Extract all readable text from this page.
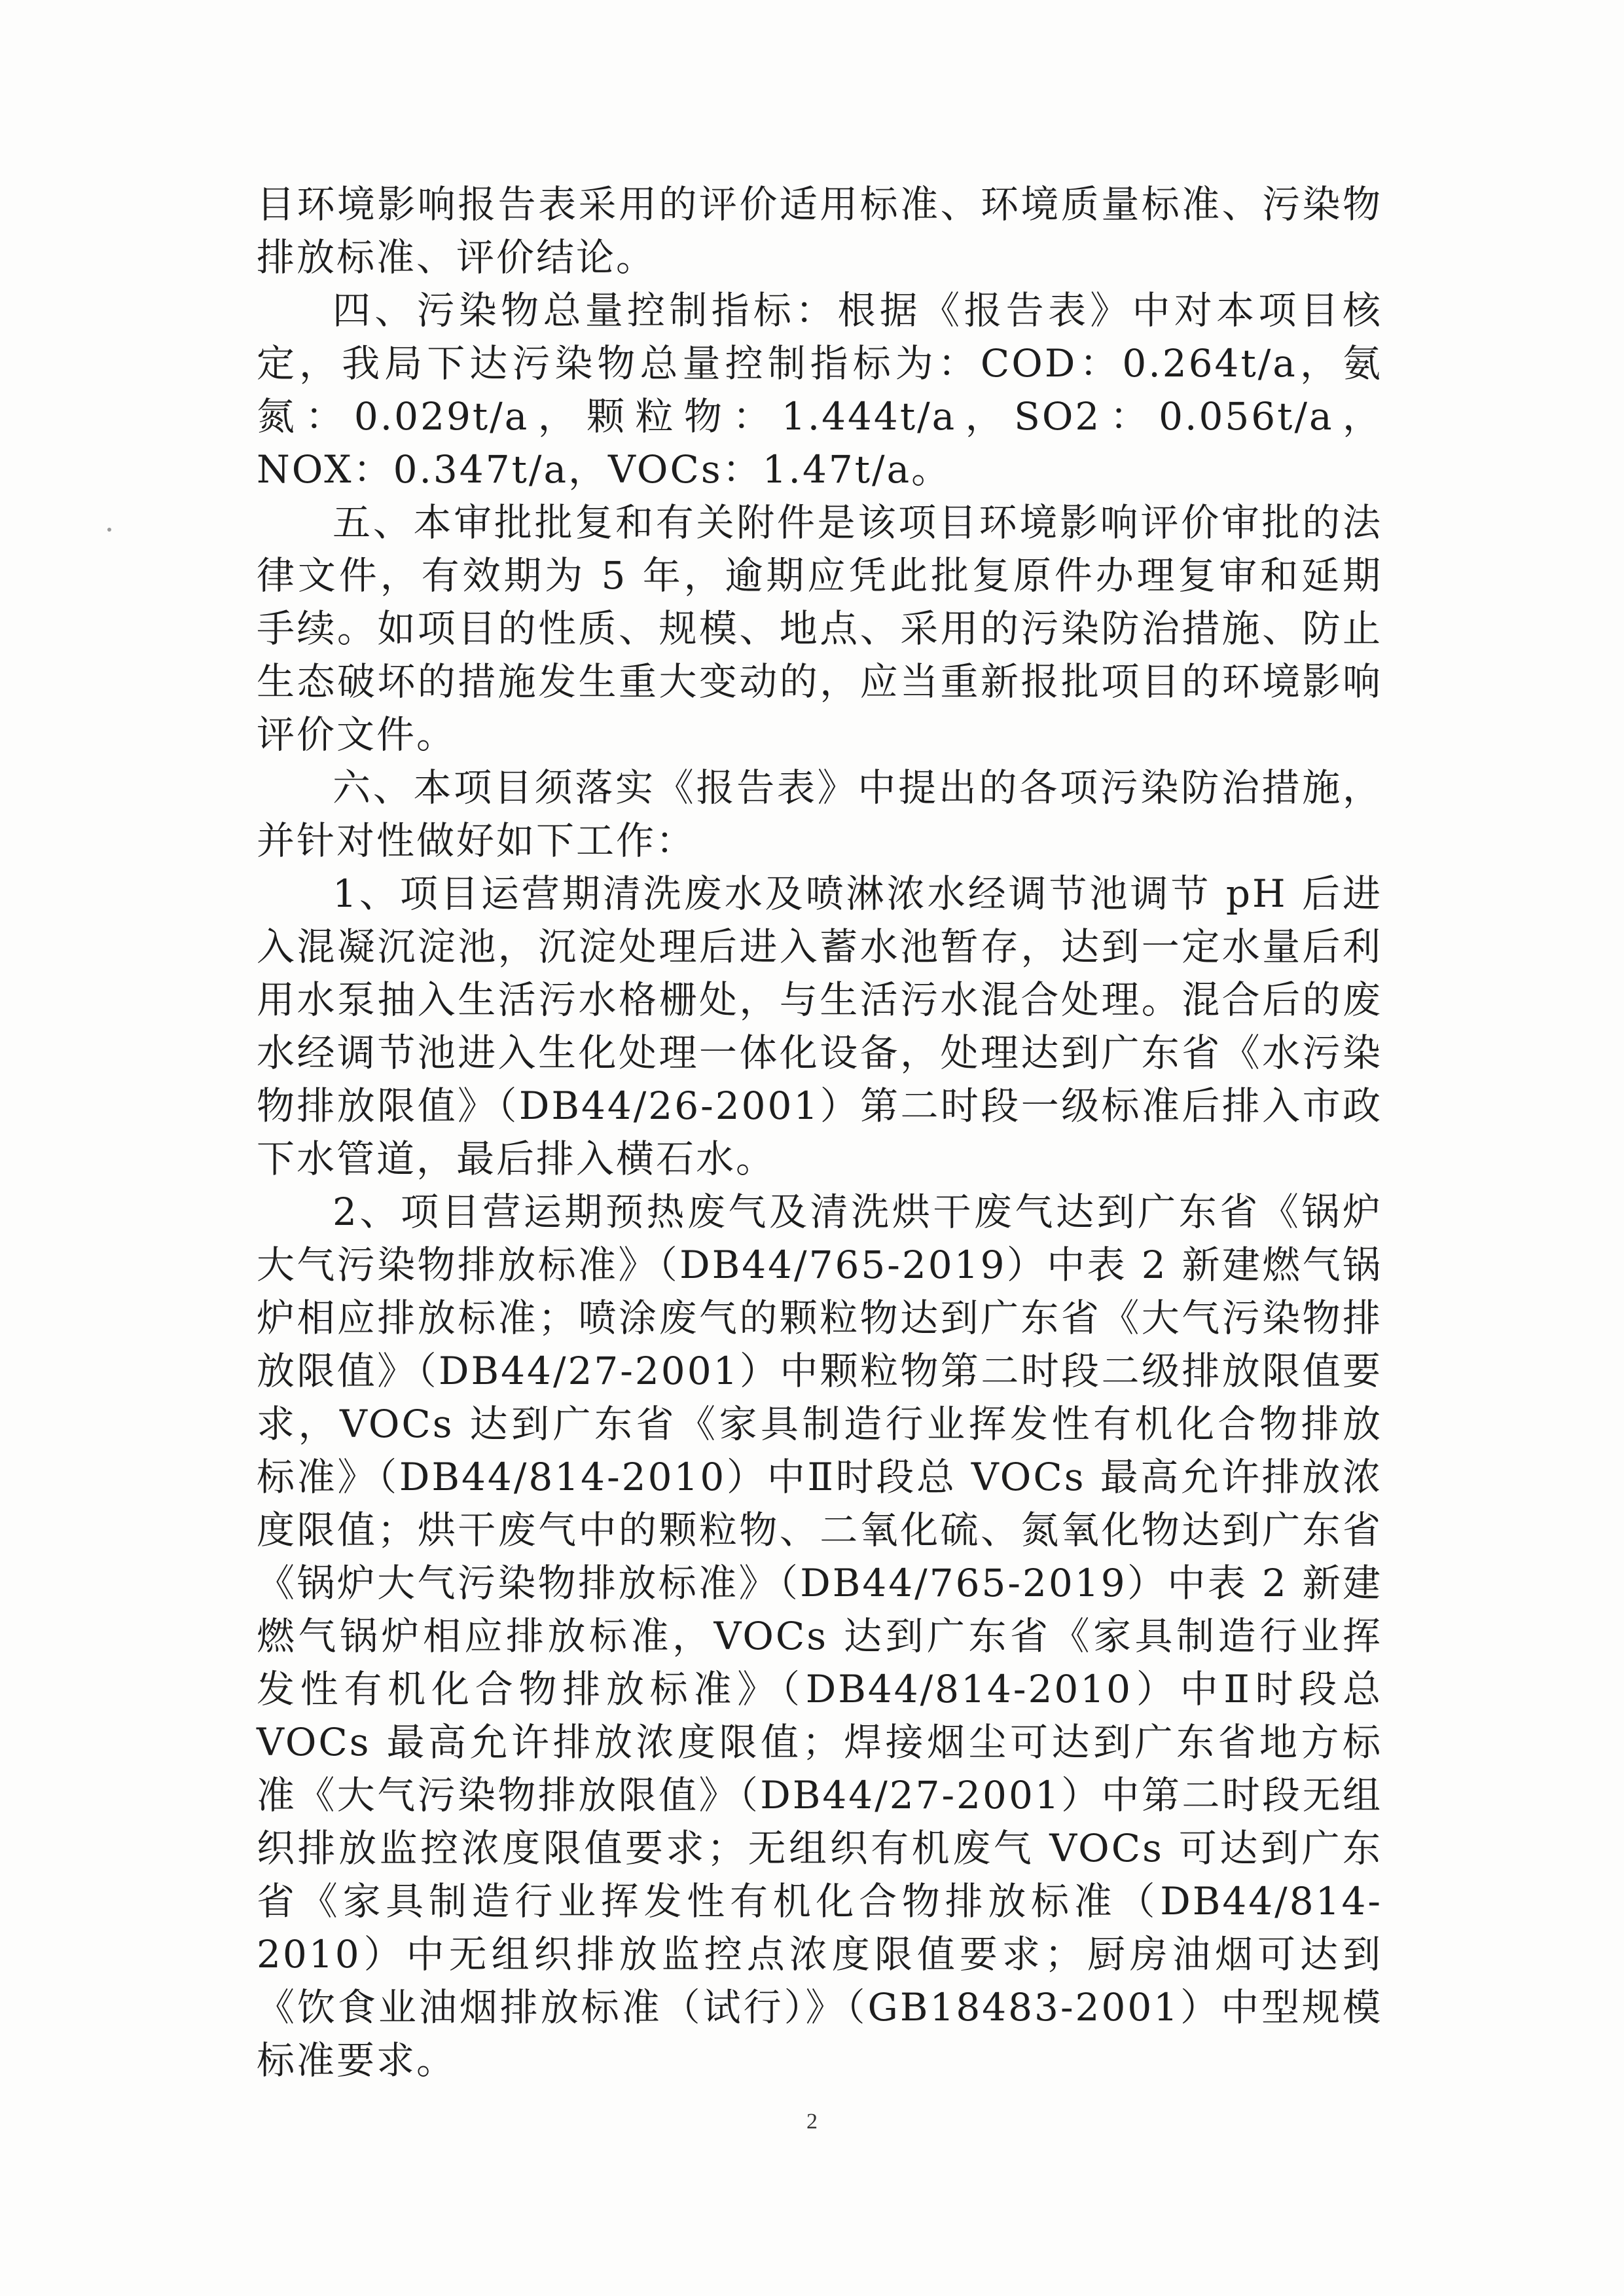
目环境影响报告表采用的评价适用标准、环境质量标准、污染物排放标准、评价结论。

四、污染物总量控制指标：根据《报告表》中对本项目核定，我局下达污染物总量控制指标为：COD：0.264t/a，氨氮：0.029t/a，颗粒物：1.444t/a，SO2：0.056t/a，NOX：0.347t/a，VOCs：1.47t/a。

五、本审批批复和有关附件是该项目环境影响评价审批的法律文件，有效期为 5 年，逾期应凭此批复原件办理复审和延期手续。如项目的性质、规模、地点、采用的污染防治措施、防止生态破坏的措施发生重大变动的，应当重新报批项目的环境影响评价文件。

六、本项目须落实《报告表》中提出的各项污染防治措施，并针对性做好如下工作：

1、项目运营期清洗废水及喷淋浓水经调节池调节 pH 后进入混凝沉淀池，沉淀处理后进入蓄水池暂存，达到一定水量后利用水泵抽入生活污水格栅处，与生活污水混合处理。混合后的废水经调节池进入生化处理一体化设备，处理达到广东省《水污染物排放限值》（DB44/26-2001）第二时段一级标准后排入市政下水管道，最后排入横石水。

2、项目营运期预热废气及清洗烘干废气达到广东省《锅炉大气污染物排放标准》（DB44/765-2019）中表 2 新建燃气锅炉相应排放标准；喷涂废气的颗粒物达到广东省《大气污染物排放限值》（DB44/27-2001）中颗粒物第二时段二级排放限值要求，VOCs 达到广东省《家具制造行业挥发性有机化合物排放标准》（DB44/814-2010）中Ⅱ时段总 VOCs 最高允许排放浓度限值；烘干废气中的颗粒物、二氧化硫、氮氧化物达到广东省《锅炉大气污染物排放标准》（DB44/765-2019）中表 2 新建燃气锅炉相应排放标准，VOCs 达到广东省《家具制造行业挥发性有机化合物排放标准》（DB44/814-2010）中Ⅱ时段总 VOCs 最高允许排放浓度限值；焊接烟尘可达到广东省地方标准《大气污染物排放限值》（DB44/27-2001）中第二时段无组织排放监控浓度限值要求；无组织有机废气 VOCs 可达到广东省《家具制造行业挥发性有机化合物排放标准（DB44/814-2010）中无组织排放监控点浓度限值要求；厨房油烟可达到《饮食业油烟排放标准（试行）》（GB18483-2001）中型规模标准要求。

2
